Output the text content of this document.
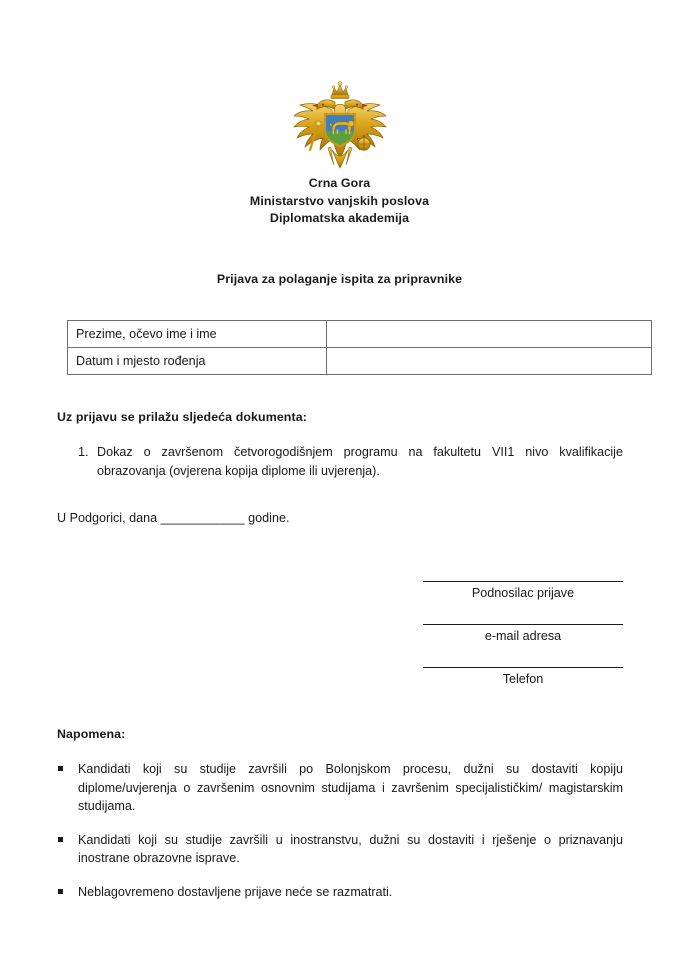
Crna Gora
Ministarstvo vanjskih poslova
Diplomatska akademija
Prijava za polaganje ispita za pripravnike
Prezime, očevo ime i ime	
Datum i mjesto rođenja	
Uz prijavu se prilažu sljedeća dokumenta:
1. Dokaz o završenom četvorogodišnjem programu na fakultetu VII1 nivo kvalifikacije obrazovanja (ovjerena kopija diplome ili uvjerenja).
U Podgorici, dana ____________ godine.
Podnosilac prijave
e-mail adresa
Telefon
Napomena:
Kandidati koji su studije završili po Bolonjskom procesu, dužni su dostaviti kopiju diplome/uvjerenja o završenim osnovnim studijama i završenim specijalističkim/ magistarskim studijama.
Kandidati koji su studije završili u inostranstvu, dužni su dostaviti i rješenje o priznavanju inostrane obrazovne isprave.
Neblagovremeno dostavljene prijave neće se razmatrati.
